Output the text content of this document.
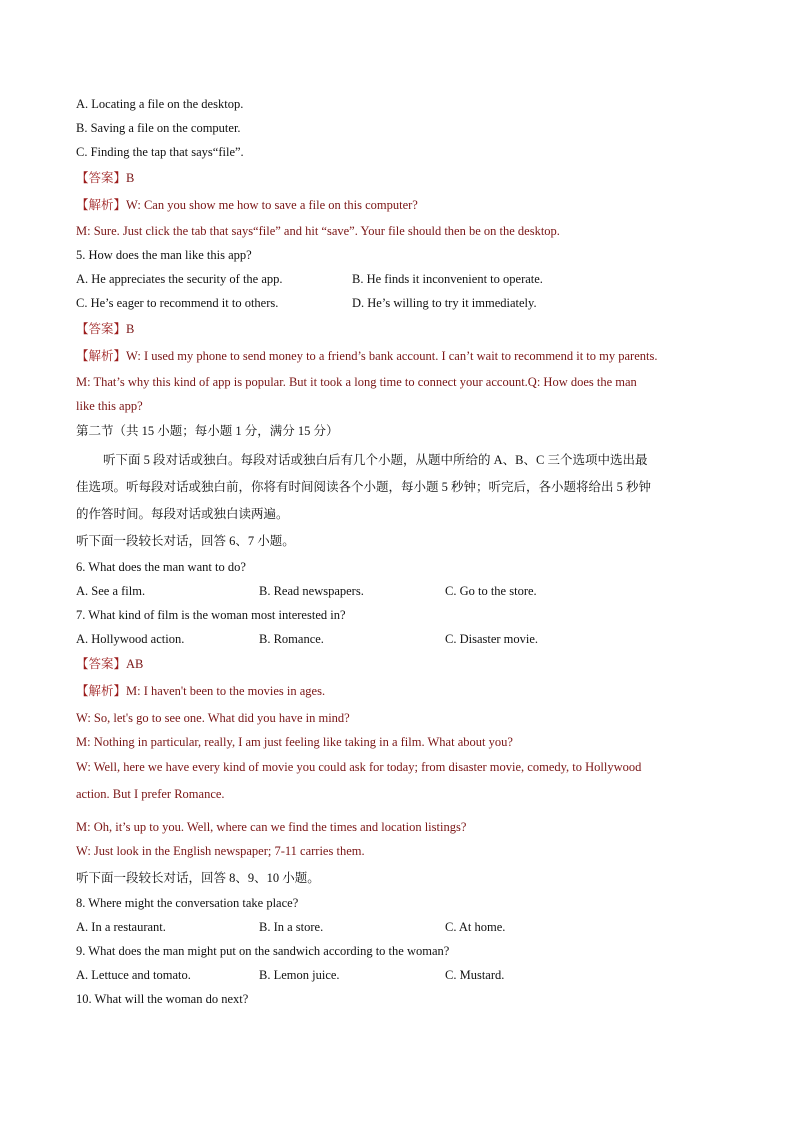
A. Locating a file on the desktop.
B. Saving a file on the computer.
C. Finding the tap that says“file”.
【答案】B
【解析】W: Can you show me how to save a file on this computer?
M: Sure. Just click the tab that says“file” and hit “save”. Your file should then be on the desktop.
5. How does the man like this app?
A. He appreciates the security of the app.	B. He finds it inconvenient to operate.
C. He’s eager to recommend it to others.	D. He’s willing to try it immediately.
【答案】B
【解析】W: I used my phone to send money to a friend’s bank account. I can’t wait to recommend it to my parents.
M: That’s why this kind of app is popular. But it took a long time to connect your account.Q: How does the man
like this app?
第二节（共 15 小题；每小题 1 分，满分 15 分）
听下面 5 段对话或独白。每段对话或独白后有几个小题，从题中所给的 A、B、C 三个选项中选出最
佳选项。听每段对话或独白前，你将有时间阅读各个小题，每小题 5 秒钟；听完后，各小题将给出 5 秒钟
的作答时间。每段对话或独白读两遍。
听下面一段较长对话，回答 6、7 小题。
6. What does the man want to do?
A. See a film.	B. Read newspapers.	C. Go to the store.
7. What kind of film is the woman most interested in?
A. Hollywood action.	B. Romance.	C. Disaster movie.
【答案】AB
【解析】M: I haven't been to the movies in ages.
W: So, let's go to see one. What did you have in mind?
M: Nothing in particular, really, I am just feeling like taking in a film. What about you?
W: Well, here we have every kind of movie you could ask for today; from disaster movie, comedy, to Hollywood
action. But I prefer Romance.
M: Oh, it’s up to you. Well, where can we find the times and location listings?
W: Just look in the English newspaper; 7-11 carries them.
听下面一段较长对话，回答 8、9、10 小题。
8. Where might the conversation take place?
A. In a restaurant.	B. In a store.	C. At home.
9. What does the man might put on the sandwich according to the woman?
A. Lettuce and tomato.	B. Lemon juice.	C. Mustard.
10. What will the woman do next?
